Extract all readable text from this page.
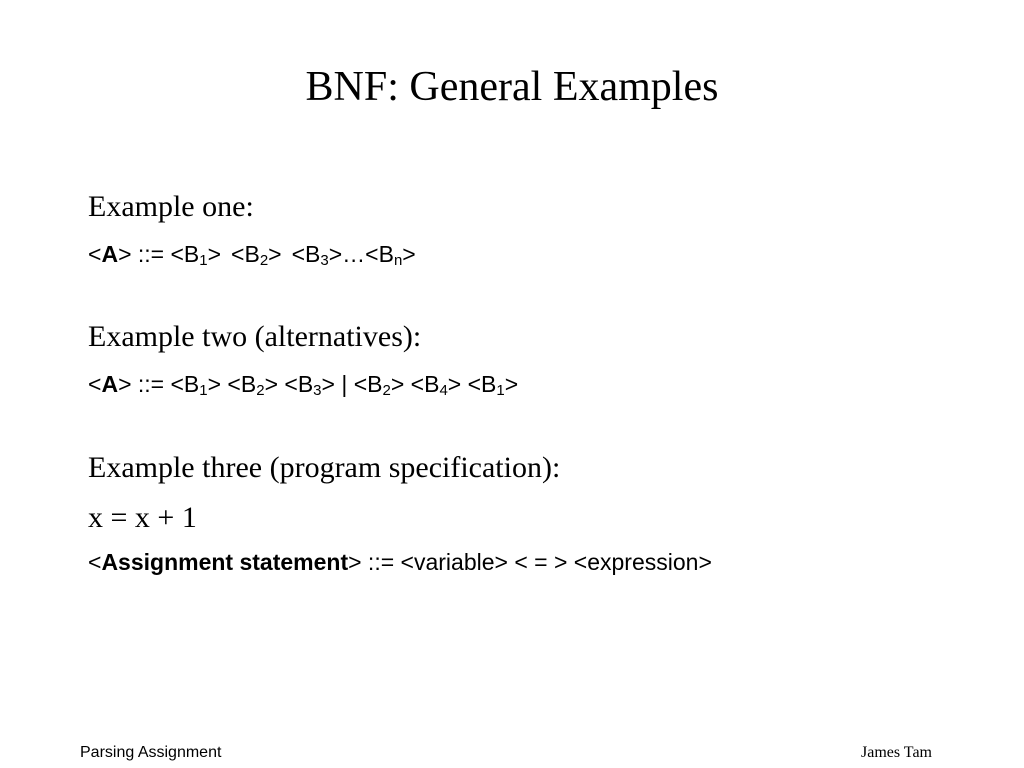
BNF: General Examples
Example one:
<A> ::= $<B_1> <B_2>$ $<B_3>\dots<B_n>$
Example two (alternatives):
<A> ::= $<B_1> <B_2> <B_3>$ | $<B_2> <B_4> <B_1>$
Example three (program specification):
x = x + 1
<Assignment statement> ::= <variable> < = > <expression>
Parsing Assignment	James Tam
